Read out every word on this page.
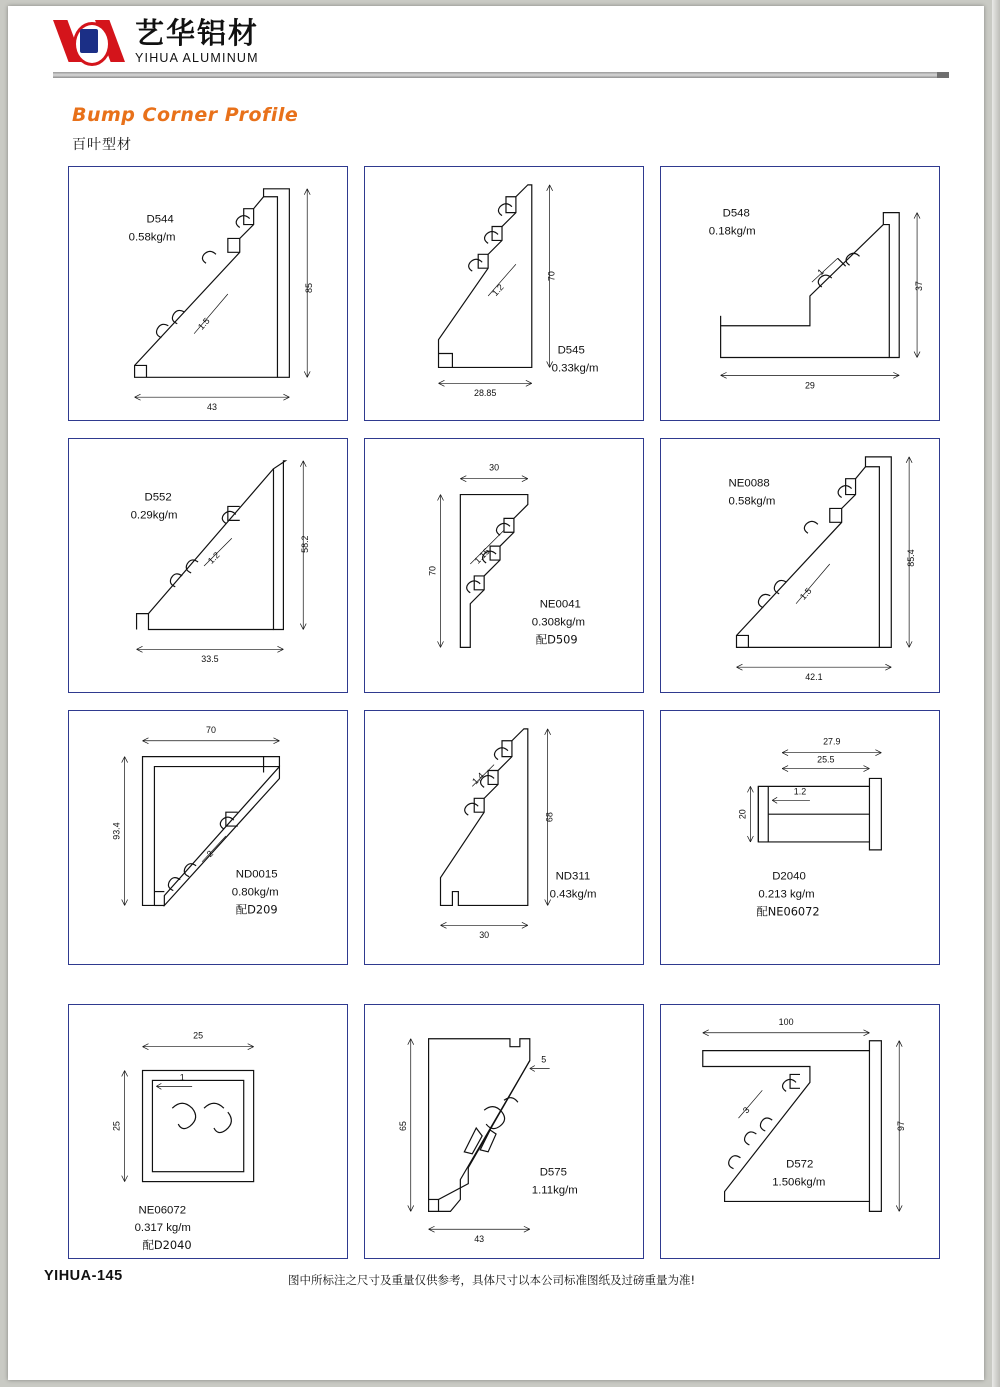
艺华铝材
YIHUA ALUMINUM
Bump Corner Profile
百叶型材
85
43
1.5
D544
0.58kg/m
70
28.85
1.2
D545
0.33kg/m
37
29
1
D548
0.18kg/m
58.2
33.5
1.2
D552
0.29kg/m
30
70
1.15
NE0041
0.308kg/m
配D509
85.4
42.1
1.5
NE0088
0.58kg/m
70
93.4
2
ND0015
0.80kg/m
配D209
68
30
1.4
ND311
0.43kg/m
27.9
25.5
20
1.2
D2040
0.213 kg/m
配NE06072
25
25
1
NE06072
0.317 kg/m
配D2040
65
43
5
D575
1.11kg/m
100
97
3
D572
1.506kg/m
YIHUA-145	图中所标注之尺寸及重量仅供参考，具体尺寸以本公司标准图纸及过磅重量为准!
